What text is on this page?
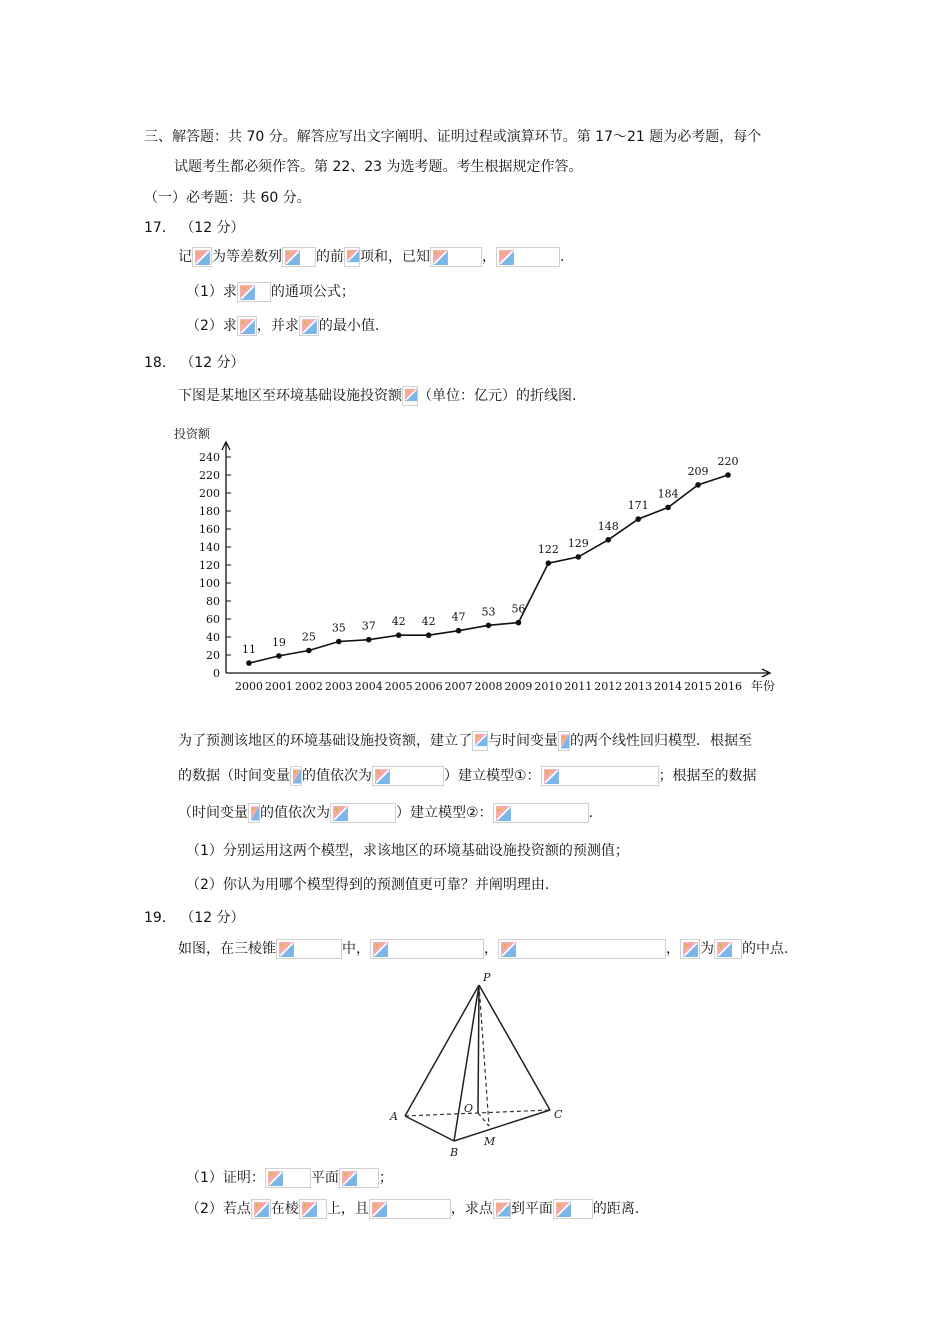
三、解答题：共 70 分。解答应写出文字阐明、证明过程或演算环节。第 17～21 题为必考题，每个
试题考生都必须作答。第 22、23 为选考题。考生根据规定作答。
（一）必考题：共 60 分。
17． （12 分）
记 为等差数列 的前 项和，已知	，	.
（1）求 的通项公式；
（2）求 ，并求 的最小值.
18． （12 分）
下图是某地区至环境基础设施投资额 （单位：亿元）的折线图.
0
20
40
60
80
100
120
140
160
180
200
220
240
2000 2001 2002 2003 2004 2005 2006 2007 2008 2009 2010 2011 2012 2013 2014 2015 2016
11
19 25
35 37 42 42 47 53 56
122 129
148
171
184
209
220
投资额
年份
为了预测该地区的环境基础设施投资额，建立了 与时间变量 的两个线性回归模型．根据至
的数据（时间变量 的值依次为	）建立模型①：	；根据至的数据
（时间变量 的值依次为	）建立模型②：	.
（1）分别运用这两个模型，求该地区的环境基础设施投资额的预测值；
（2）你认为用哪个模型得到的预测值更可靠？并阐明理由.
19． （12 分）
如图，在三棱锥	中，	，	， 为 的中点.
P
A
B
C
O
M
（1）证明：	平面	；
（2）若点 在棱 上，且	，求点 到平面	的距离.
